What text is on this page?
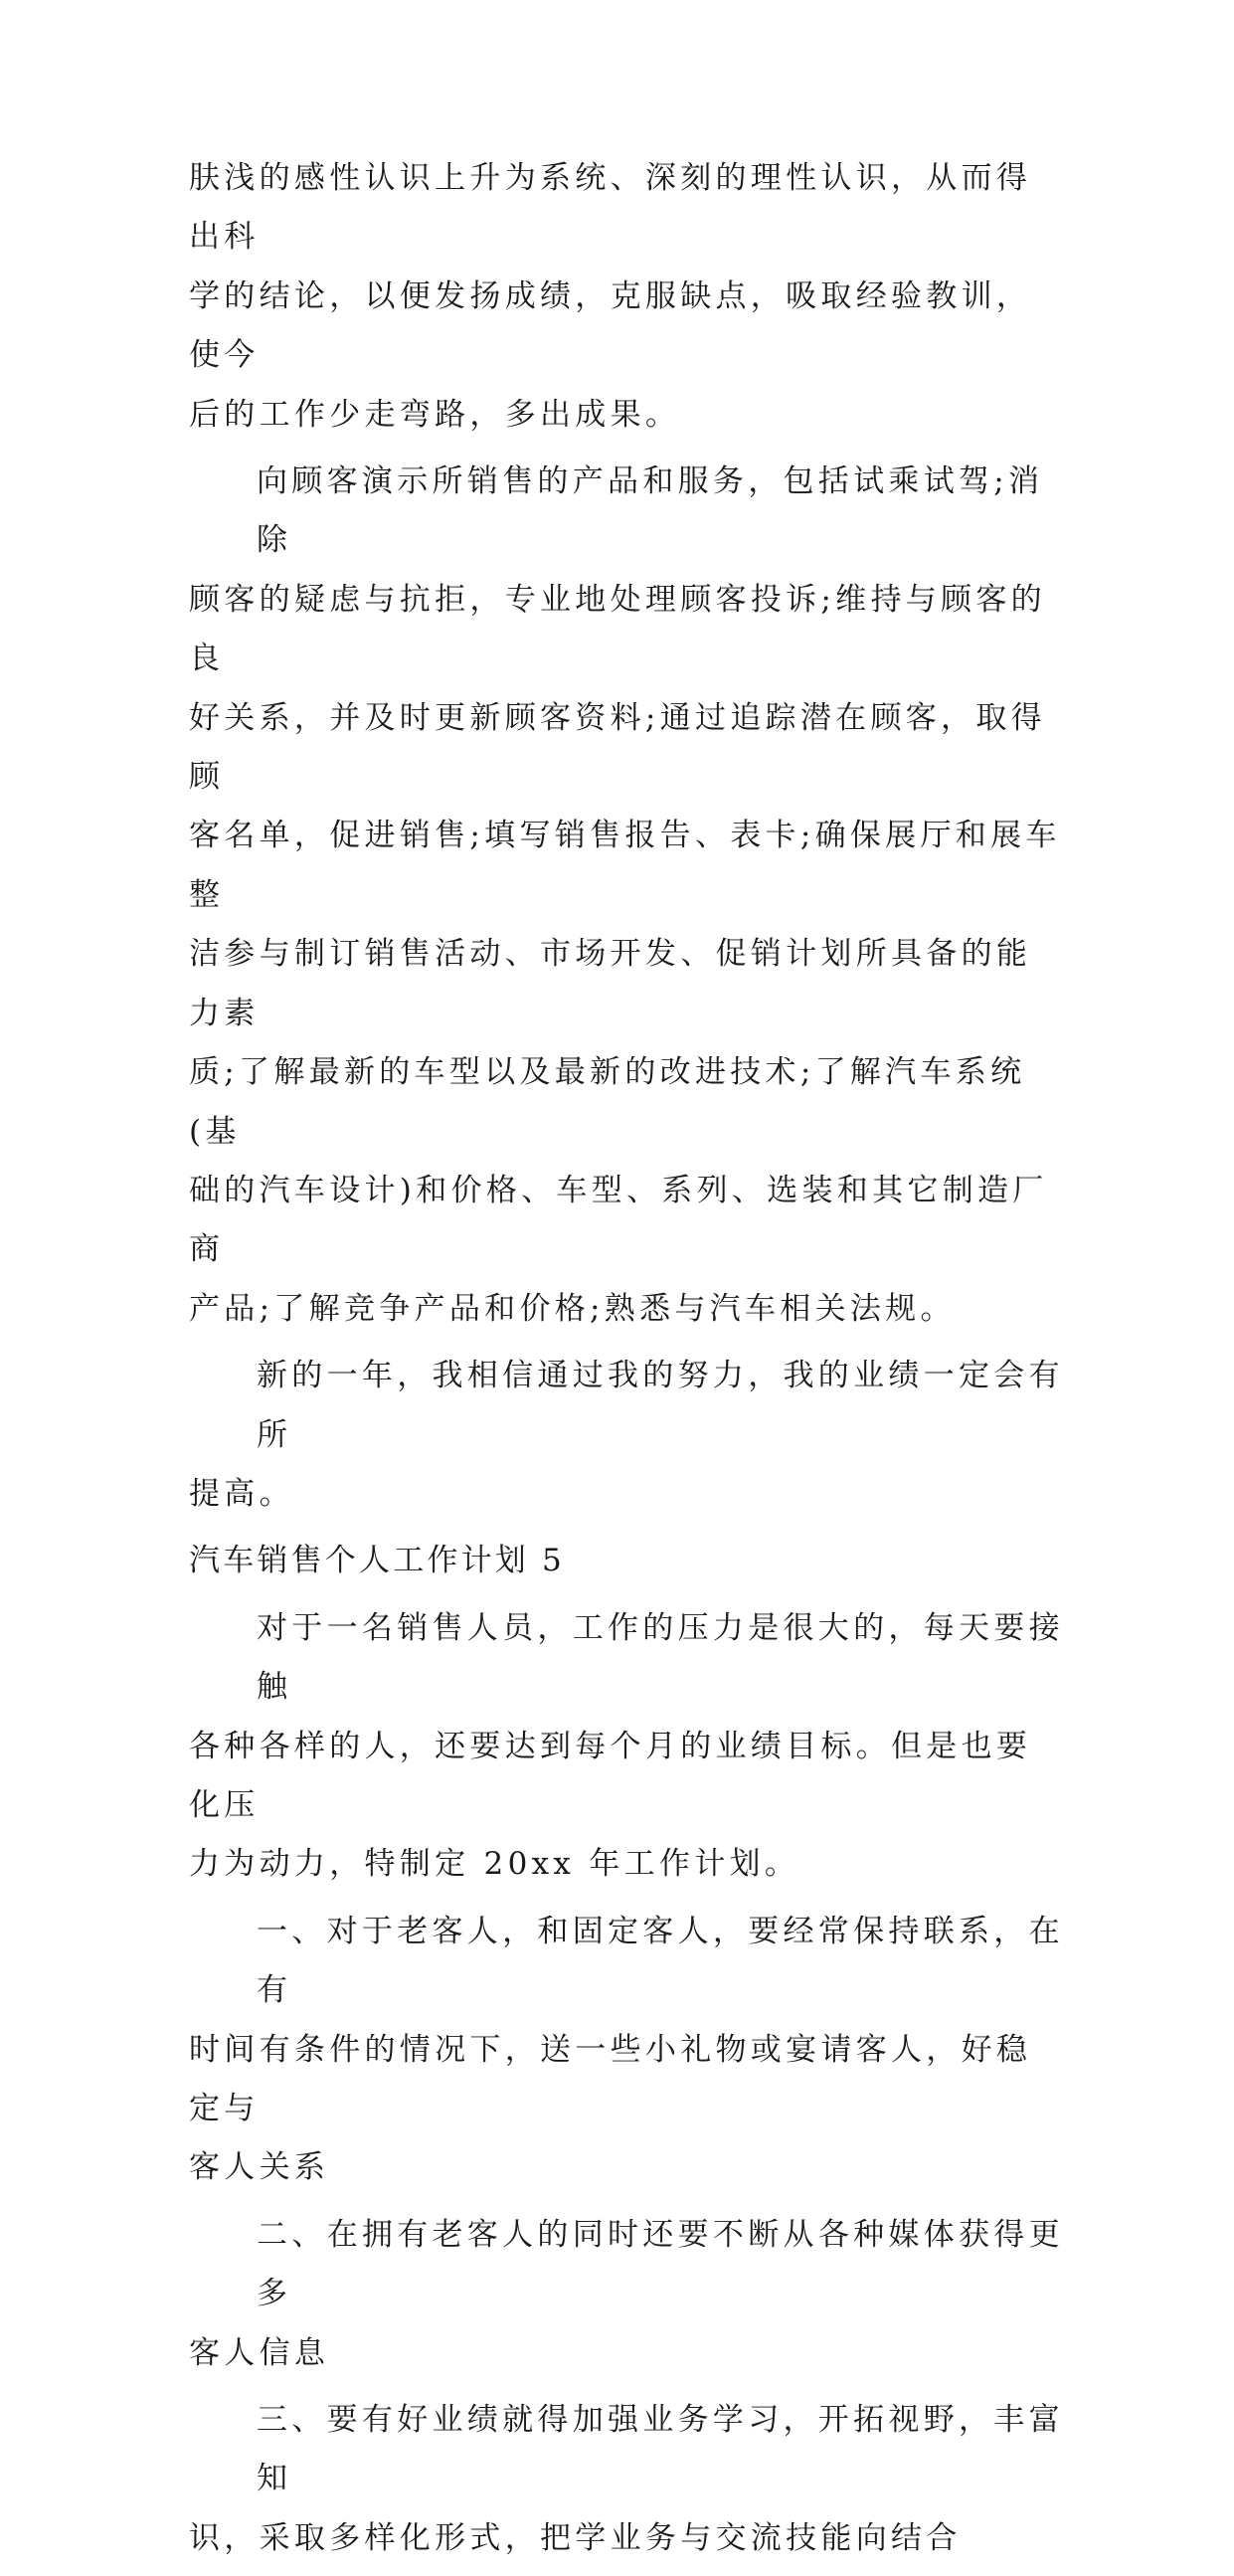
肤浅的感性认识上升为系统、深刻的理性认识，从而得出科
学的结论，以便发扬成绩，克服缺点，吸取经验教训，使今
后的工作少走弯路，多出成果。
向顾客演示所销售的产品和服务，包括试乘试驾;消除
顾客的疑虑与抗拒，专业地处理顾客投诉;维持与顾客的良
好关系，并及时更新顾客资料;通过追踪潜在顾客，取得顾
客名单，促进销售;填写销售报告、表卡;确保展厅和展车整
洁参与制订销售活动、市场开发、促销计划所具备的能力素
质;了解最新的车型以及最新的改进技术;了解汽车系统(基
础的汽车设计)和价格、车型、系列、选装和其它制造厂商
产品;了解竞争产品和价格;熟悉与汽车相关法规。
新的一年，我相信通过我的努力，我的业绩一定会有所
提高。
汽车销售个人工作计划 5
对于一名销售人员，工作的压力是很大的，每天要接触
各种各样的人，还要达到每个月的业绩目标。但是也要化压
力为动力，特制定 20xx 年工作计划。
一、对于老客人，和固定客人，要经常保持联系，在有
时间有条件的情况下，送一些小礼物或宴请客人，好稳定与
客人关系
二、在拥有老客人的同时还要不断从各种媒体获得更多
客人信息
三、要有好业绩就得加强业务学习，开拓视野，丰富知
识，采取多样化形式，把学业务与交流技能向结合
